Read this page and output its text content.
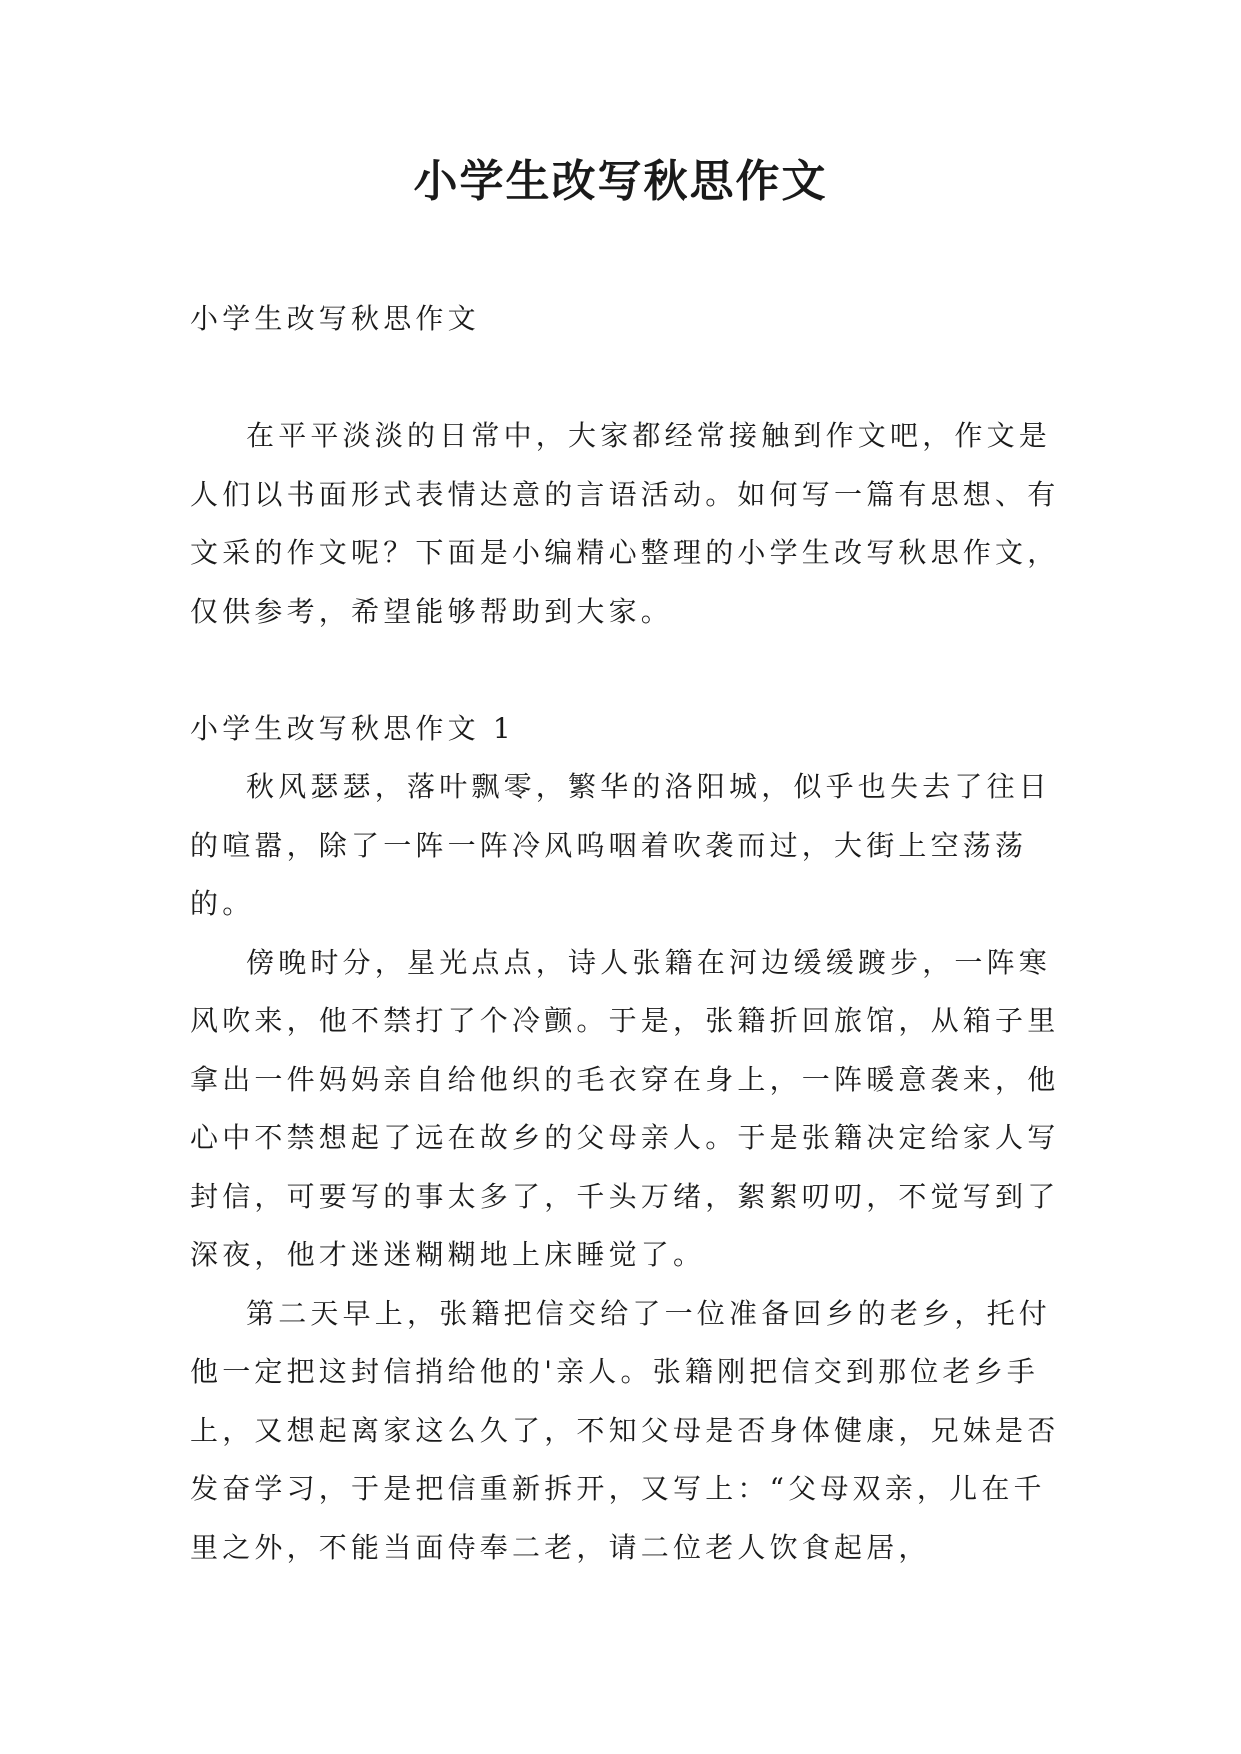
小学生改写秋思作文

小学生改写秋思作文

在平平淡淡的日常中，大家都经常接触到作文吧，作文是人们以书面形式表情达意的言语活动。如何写一篇有思想、有文采的作文呢？下面是小编精心整理的小学生改写秋思作文，仅供参考，希望能够帮助到大家。

小学生改写秋思作文 1

秋风瑟瑟，落叶飘零，繁华的洛阳城，似乎也失去了往日的喧嚣，除了一阵一阵冷风呜咽着吹袭而过，大街上空荡荡的。

傍晚时分，星光点点，诗人张籍在河边缓缓踱步，一阵寒风吹来，他不禁打了个冷颤。于是，张籍折回旅馆，从箱子里拿出一件妈妈亲自给他织的毛衣穿在身上，一阵暖意袭来，他心中不禁想起了远在故乡的父母亲人。于是张籍决定给家人写封信，可要写的事太多了，千头万绪，絮絮叨叨，不觉写到了深夜，他才迷迷糊糊地上床睡觉了。

第二天早上，张籍把信交给了一位准备回乡的老乡，托付他一定把这封信捎给他的'亲人。张籍刚把信交到那位老乡手上，又想起离家这么久了，不知父母是否身体健康，兄妹是否发奋学习，于是把信重新拆开，又写上：“父母双亲，儿在千里之外，不能当面侍奉二老，请二位老人饮食起居，
